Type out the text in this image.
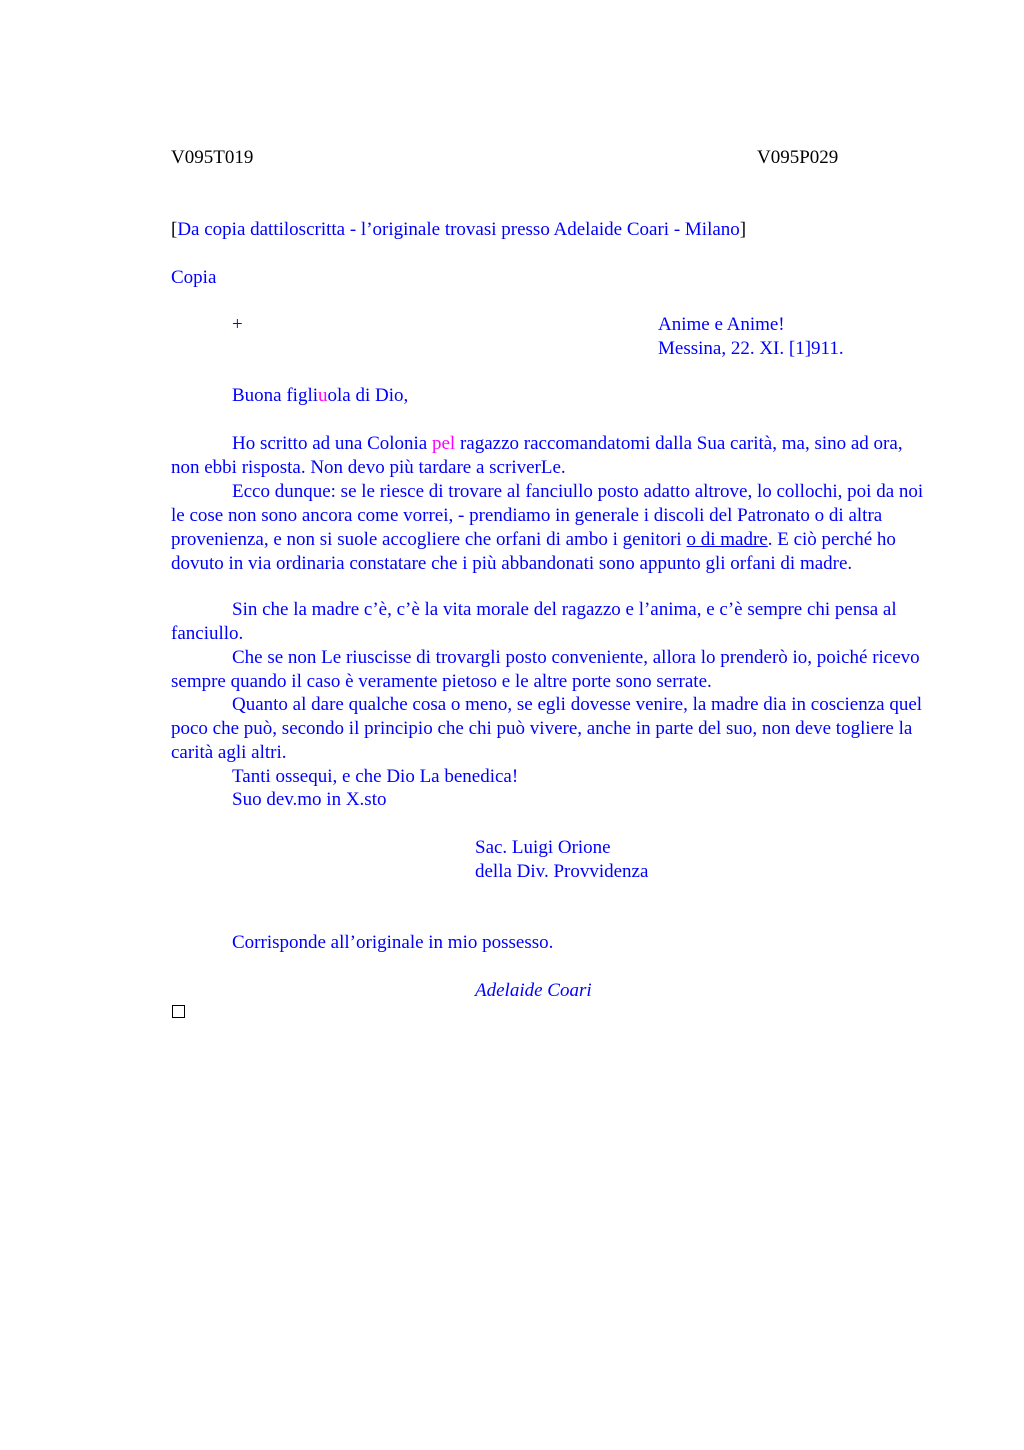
V095T019	V095P029
[Da copia dattiloscritta - l’originale trovasi presso Adelaide Coari - Milano]
Copia
+	Anime e Anime!
Messina, 22. XI. [1]911.
Buona figliuola di Dio,

Ho scritto ad una Colonia pel ragazzo raccomandatomi dalla Sua carità, ma, sino ad ora, non ebbi risposta. Non devo più tardare a scriverLe.

Ecco dunque: se le riesce di trovare al fanciullo posto adatto altrove, lo collochi, poi da noi le cose non sono ancora come vorrei, - prendiamo in generale i discoli del Patronato o di altra provenienza, e non si suole accogliere che orfani di ambo i genitori o di madre. E ciò perché ho dovuto in via ordinaria constatare che i più abbandonati sono appunto gli orfani di madre.

Sin che la madre c’è, c’è la vita morale del ragazzo e l’anima, e c’è sempre chi pensa al fanciullo.

Che se non Le riuscisse di trovargli posto conveniente, allora lo prenderò io, poiché ricevo sempre quando il caso è veramente pietoso e le altre porte sono serrate.

Quanto al dare qualche cosa o meno, se egli dovesse venire, la madre dia in coscienza quel poco che può, secondo il principio che chi può vivere, anche in parte del suo, non deve togliere la carità agli altri.

Tanti ossequi, e che Dio La benedica!

Suo dev.mo in X.sto

Sac. Luigi Orione
della Div. Provvidenza
Corrisponde all’originale in mio possesso.
Adelaide Coari
